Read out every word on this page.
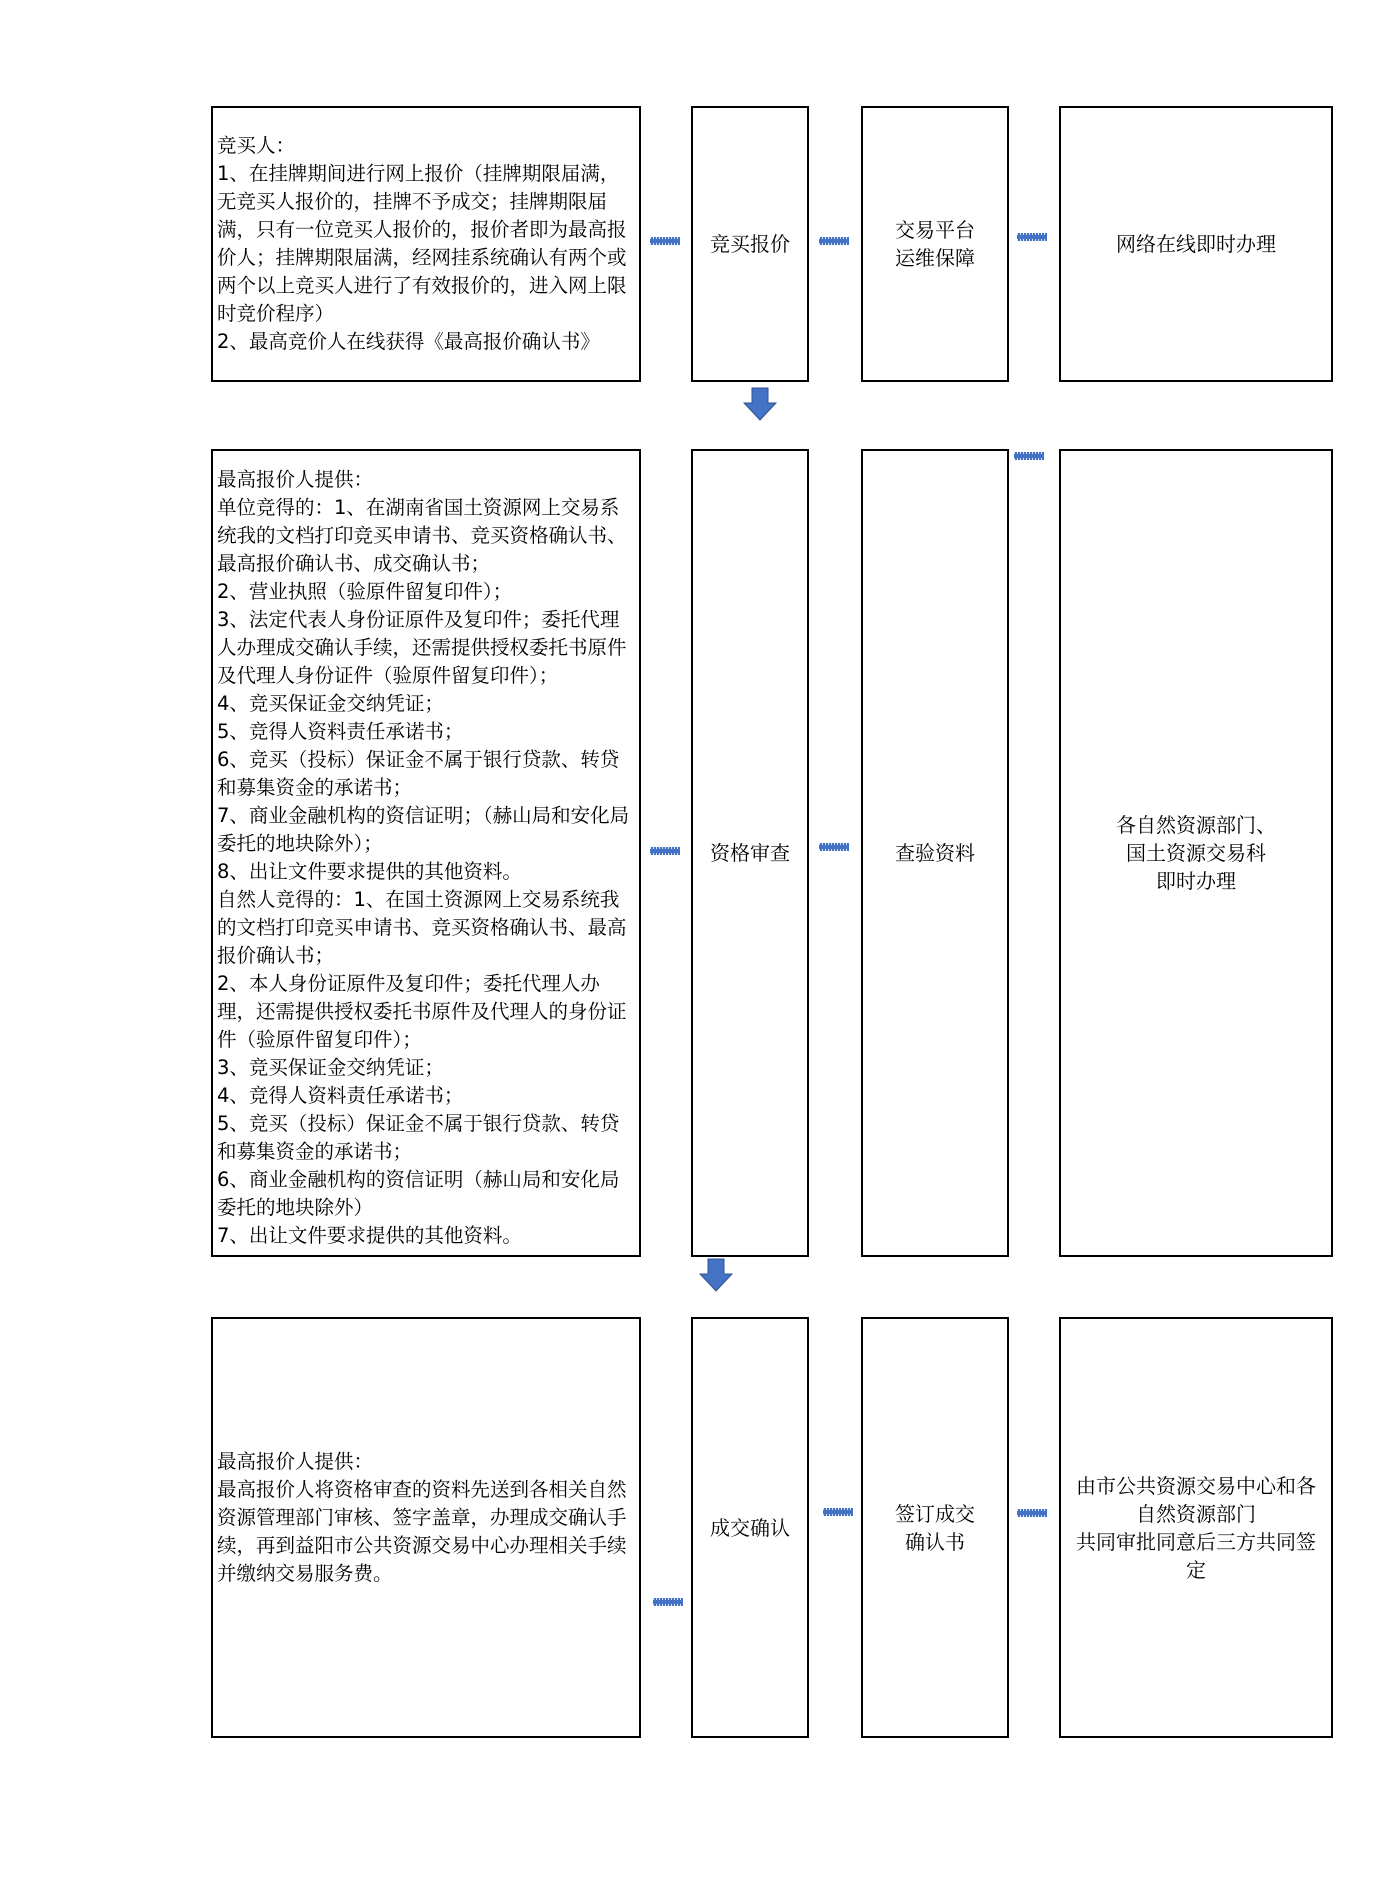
竞买人：
1、在挂牌期间进行网上报价（挂牌期限届满，无竞买人报价的，挂牌不予成交；挂牌期限届满，只有一位竞买人报价的，报价者即为最高报价人；挂牌期限届满，经网挂系统确认有两个或两个以上竞买人进行了有效报价的，进入网上限时竞价程序）
2、最高竞价人在线获得《最高报价确认书》
竞买报价
交易平台
运维保障
网络在线即时办理
最高报价人提供：
单位竞得的：1、在湖南省国土资源网上交易系统我的文档打印竞买申请书、竞买资格确认书、最高报价确认书、成交确认书；
2、营业执照（验原件留复印件）；
3、法定代表人身份证原件及复印件；委托代理人办理成交确认手续，还需提供授权委托书原件及代理人身份证件（验原件留复印件）；
4、竞买保证金交纳凭证；
5、竞得人资料责任承诺书；
6、竞买（投标）保证金不属于银行贷款、转贷和募集资金的承诺书；
7、商业金融机构的资信证明；（赫山局和安化局委托的地块除外）；
8、出让文件要求提供的其他资料。
自然人竞得的：1、在国土资源网上交易系统我的文档打印竞买申请书、竞买资格确认书、最高报价确认书；
2、本人身份证原件及复印件；委托代理人办理，还需提供授权委托书原件及代理人的身份证件（验原件留复印件）；
3、竞买保证金交纳凭证；
4、竞得人资料责任承诺书；
5、竞买（投标）保证金不属于银行贷款、转贷和募集资金的承诺书；
6、商业金融机构的资信证明（赫山局和安化局委托的地块除外）
7、出让文件要求提供的其他资料。
资格审查	查验资料
各自然资源部门、
国土资源交易科
即时办理
最高报价人提供：
最高报价人将资格审查的资料先送到各相关自然资源管理部门审核、签字盖章，办理成交确认手续，再到益阳市公共资源交易中心办理相关手续并缴纳交易服务费。
成交确认
签订成交
确认书
由市公共资源交易中心和各自然资源部门
共同审批同意后三方共同签定
